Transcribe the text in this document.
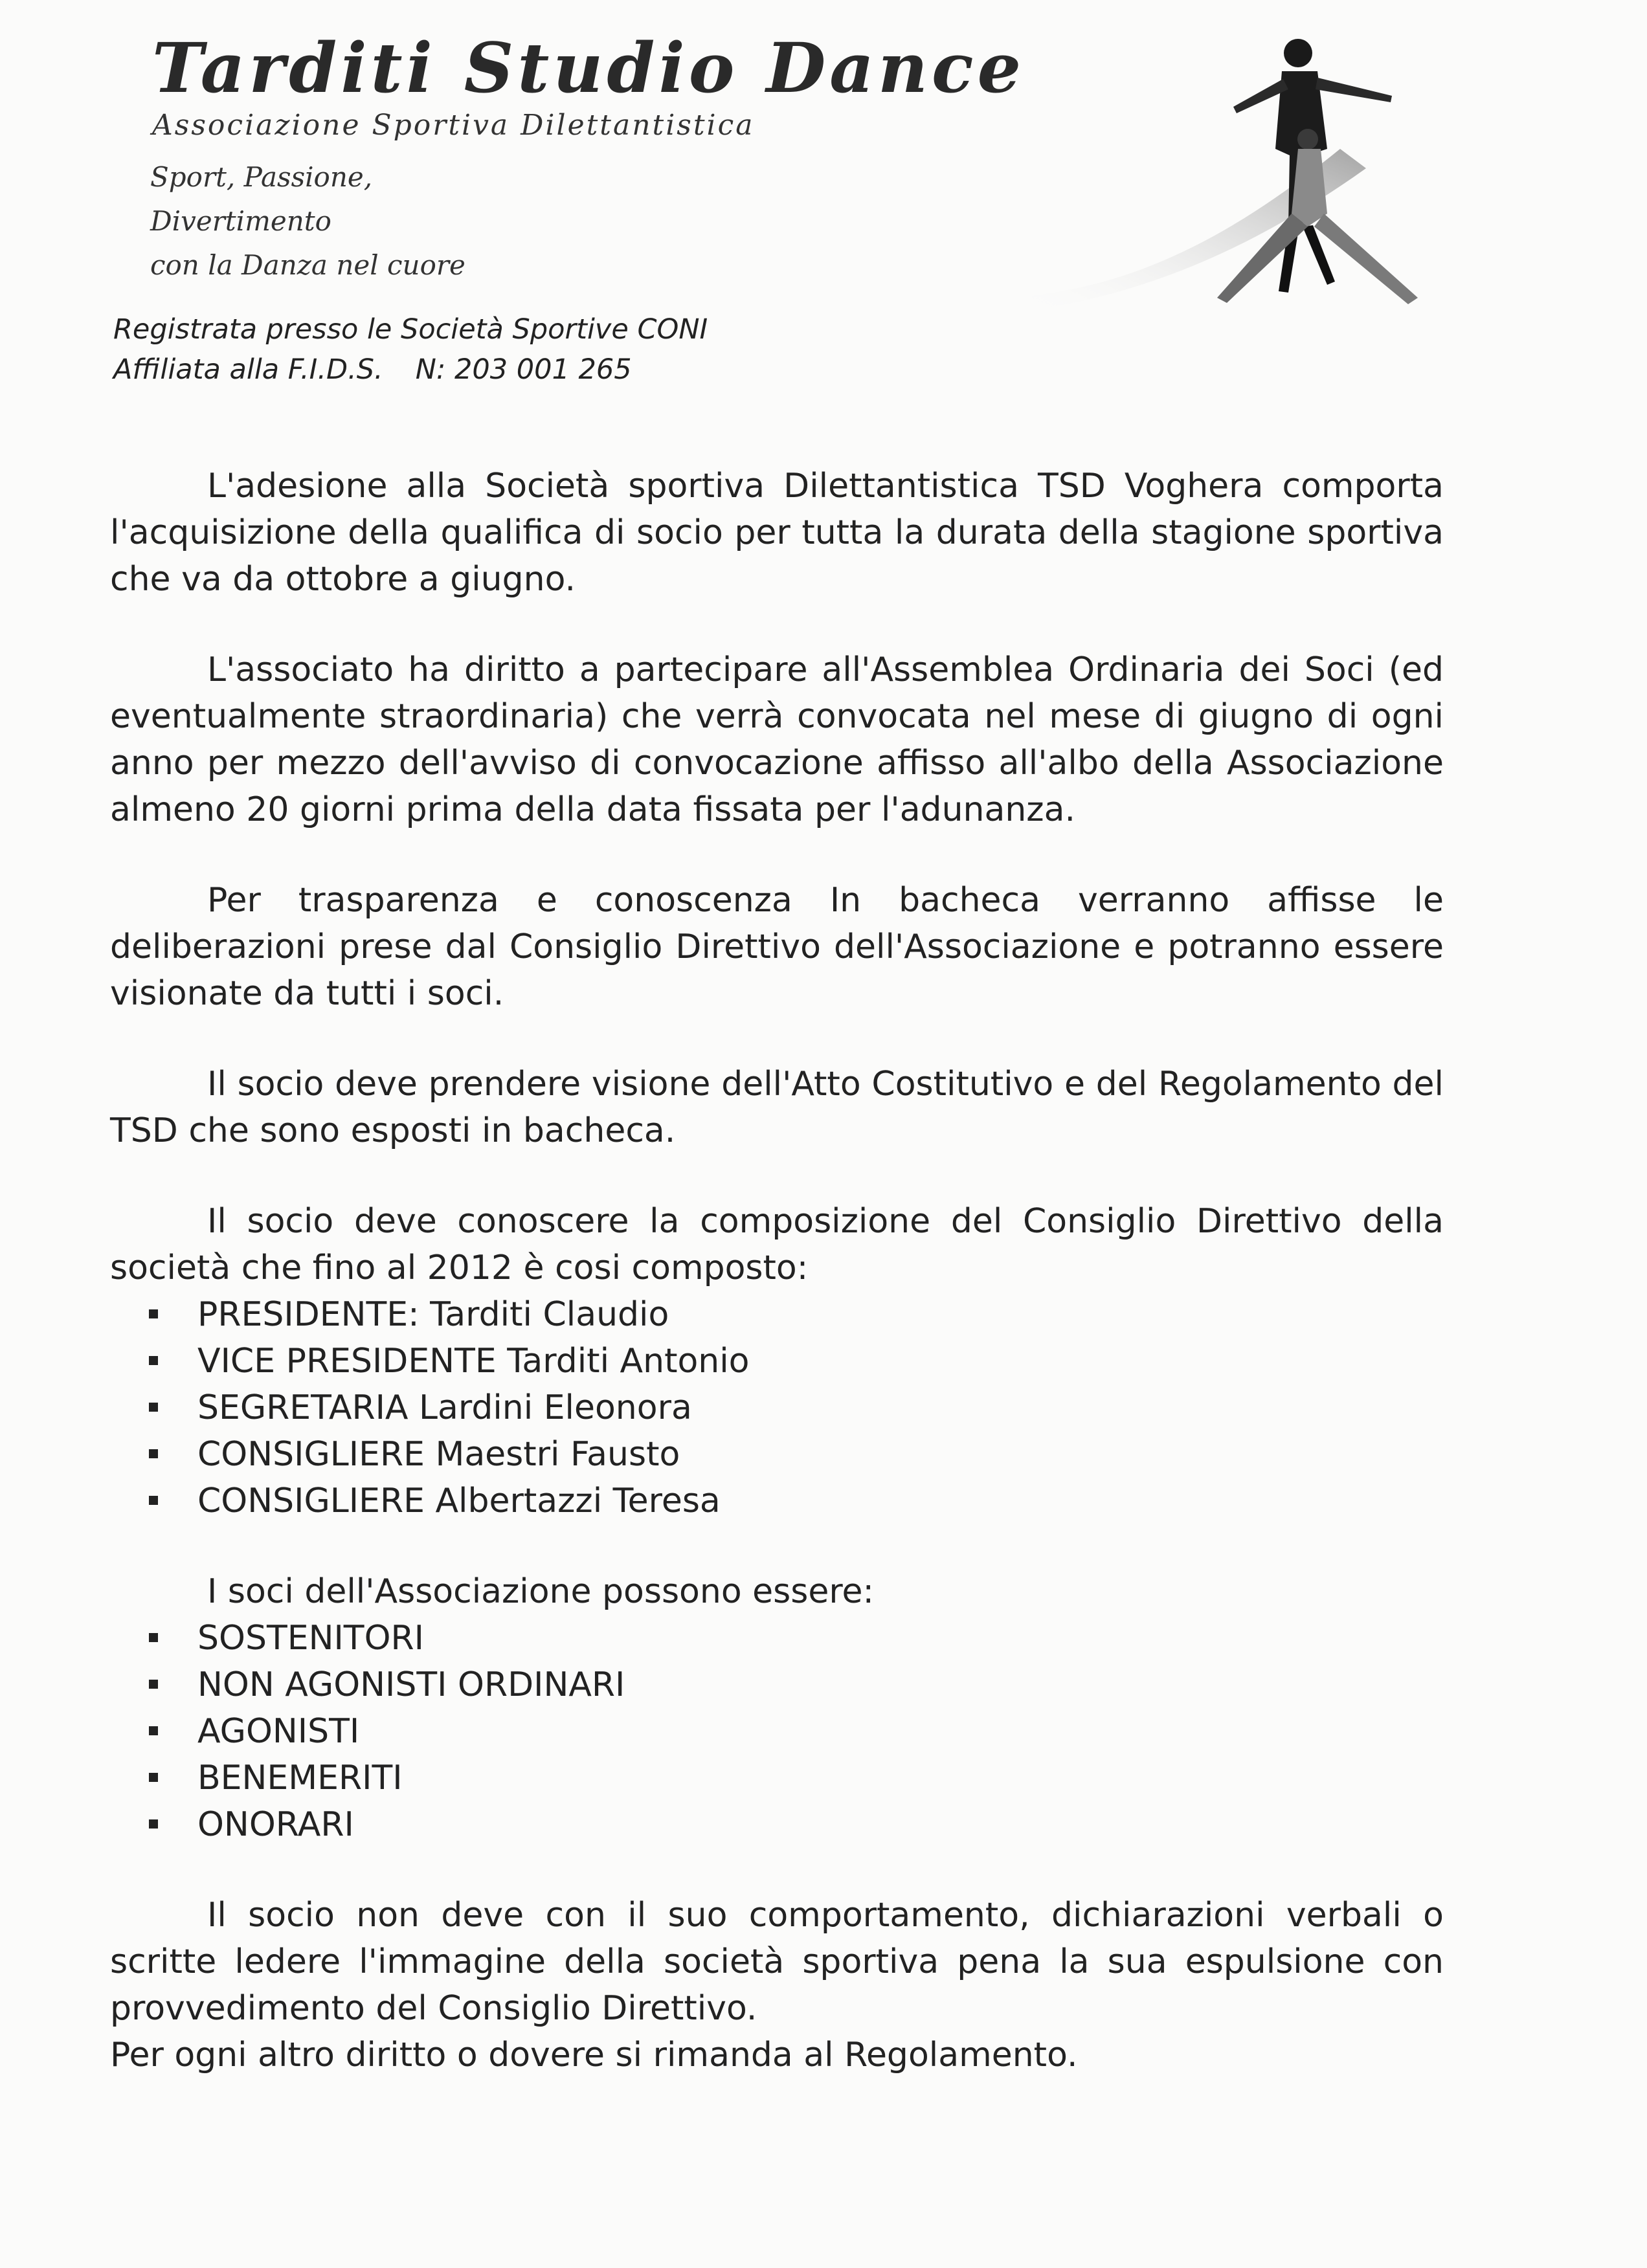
Tarditi Studio Dance
Associazione Sportiva Dilettantistica
Sport, Passione,
Divertimento
con la Danza nel cuore
Registrata presso le Società Sportive CONI
Affiliata alla F.I.D.S. N: 203 001 265

L'adesione alla Società sportiva Dilettantistica TSD Voghera comporta l'acquisizione della qualifica di socio per tutta la durata della stagione sportiva che va da ottobre a giugno.

L'associato ha diritto a partecipare all'Assemblea Ordinaria dei Soci (ed eventualmente straordinaria) che verrà convocata nel mese di giugno di ogni anno per mezzo dell'avviso di convocazione affisso all'albo della Associazione almeno 20 giorni prima della data fissata per l'adunanza.

Per trasparenza e conoscenza In bacheca verranno affisse le deliberazioni prese dal Consiglio Direttivo dell'Associazione e potranno essere visionate da tutti i soci.

Il socio deve prendere visione dell'Atto Costitutivo e del Regolamento del TSD che sono esposti in bacheca.

Il socio deve conoscere la composizione del Consiglio Direttivo della società che fino al 2012 è cosi composto:

PRESIDENTE: Tarditi Claudio
VICE PRESIDENTE Tarditi Antonio
SEGRETARIA Lardini Eleonora
CONSIGLIERE Maestri Fausto
CONSIGLIERE Albertazzi Teresa

I soci dell'Associazione possono essere:

SOSTENITORI
NON AGONISTI ORDINARI
AGONISTI
BENEMERITI
ONORARI

Il socio non deve con il suo comportamento, dichiarazioni verbali o scritte ledere l'immagine della società sportiva pena la sua espulsione con provvedimento del Consiglio Direttivo.

Per ogni altro diritto o dovere si rimanda al Regolamento.
